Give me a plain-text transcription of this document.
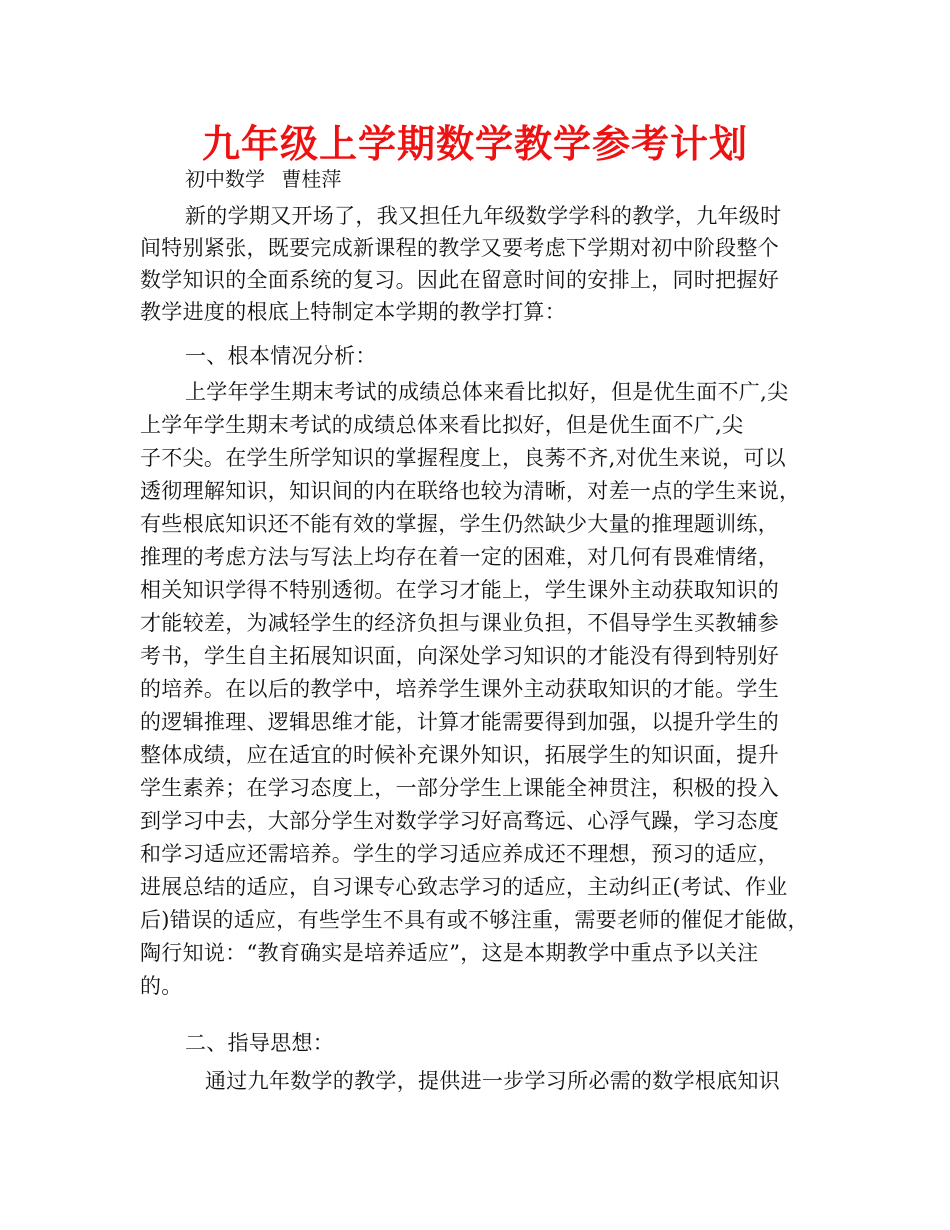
九年级上学期数学教学参考计划
初中数学 曹桂萍
新的学期又开场了，我又担任九年级数学学科的教学，九年级时
间特别紧张，既要完成新课程的教学又要考虑下学期对初中阶段整个
数学知识的全面系统的复习。因此在留意时间的安排上，同时把握好
教学进度的根底上特制定本学期的教学打算：
一、根本情况分析：
上学年学生期末考试的成绩总体来看比拟好，但是优生面不广,尖
上学年学生期末考试的成绩总体来看比拟好，但是优生面不广,尖
子不尖。在学生所学知识的掌握程度上，良莠不齐,对优生来说，可以
透彻理解知识，知识间的内在联络也较为清晰，对差一点的学生来说，
有些根底知识还不能有效的掌握，学生仍然缺少大量的推理题训练，
推理的考虑方法与写法上均存在着一定的困难，对几何有畏难情绪，
相关知识学得不特别透彻。在学习才能上，学生课外主动获取知识的
才能较差，为减轻学生的经济负担与课业负担，不倡导学生买教辅参
考书，学生自主拓展知识面，向深处学习知识的才能没有得到特别好
的培养。在以后的教学中，培养学生课外主动获取知识的才能。学生
的逻辑推理、逻辑思维才能，计算才能需要得到加强，以提升学生的
整体成绩，应在适宜的时候补充课外知识，拓展学生的知识面，提升
学生素养；在学习态度上，一部分学生上课能全神贯注，积极的投入
到学习中去，大部分学生对数学学习好高骛远、心浮气躁，学习态度
和学习适应还需培养。学生的学习适应养成还不理想，预习的适应，
进展总结的适应，自习课专心致志学习的适应，主动纠正(考试、作业
后)错误的适应，有些学生不具有或不够注重，需要老师的催促才能做，
陶行知说：“教育确实是培养适应”，这是本期教学中重点予以关注
的。
二、指导思想：
通过九年数学的教学，提供进一步学习所必需的数学根底知识
